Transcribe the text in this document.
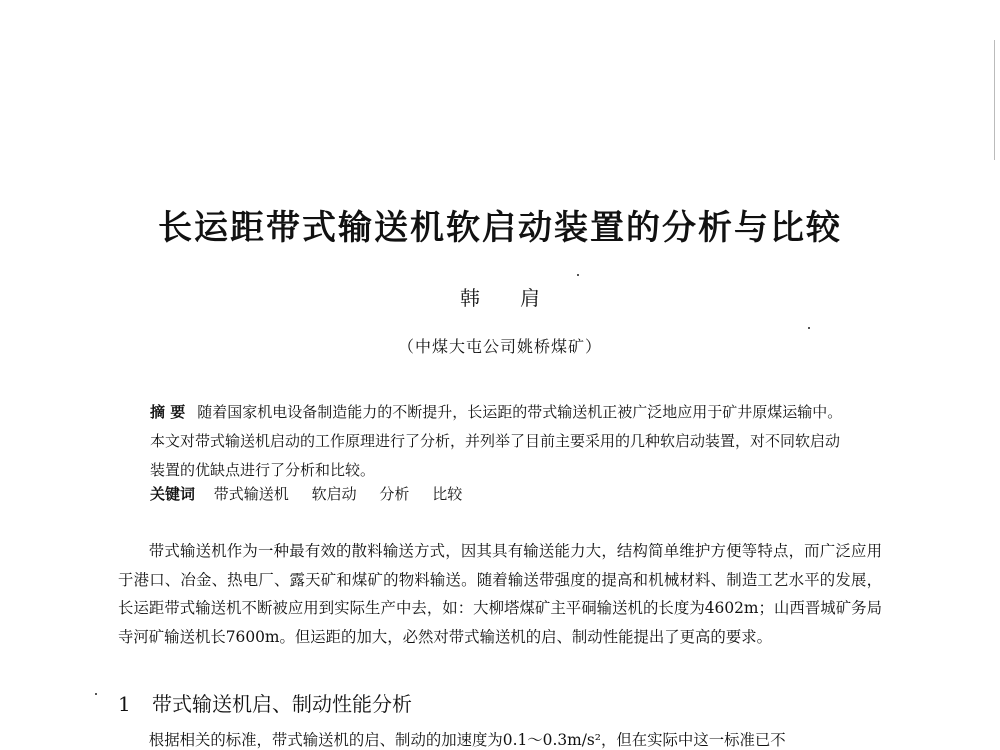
长运距带式输送机软启动装置的分析与比较
韩 肩
（中煤大屯公司姚桥煤矿）
摘 要 随着国家机电设备制造能力的不断提升，长运距的带式输送机正被广泛地应用于矿井原煤运输中。本文对带式输送机启动的工作原理进行了分析，并列举了目前主要采用的几种软启动装置，对不同软启动装置的优缺点进行了分析和比较。
关键词 带式输送机 软启动 分析 比较
带式输送机作为一种最有效的散料输送方式，因其具有输送能力大，结构简单维护方便等特点，而广泛应用于港口、冶金、热电厂、露天矿和煤矿的物料输送。随着输送带强度的提高和机械材料、制造工艺水平的发展，长运距带式输送机不断被应用到实际生产中去，如：大柳塔煤矿主平硐输送机的长度为4602m；山西晋城矿务局寺河矿输送机长7600m。但运距的加大，必然对带式输送机的启、制动性能提出了更高的要求。
1 带式输送机启、制动性能分析
根据相关的标准，带式输送机的启、制动的加速度为0.1～0.3m/s²，但在实际中这一标准已不
